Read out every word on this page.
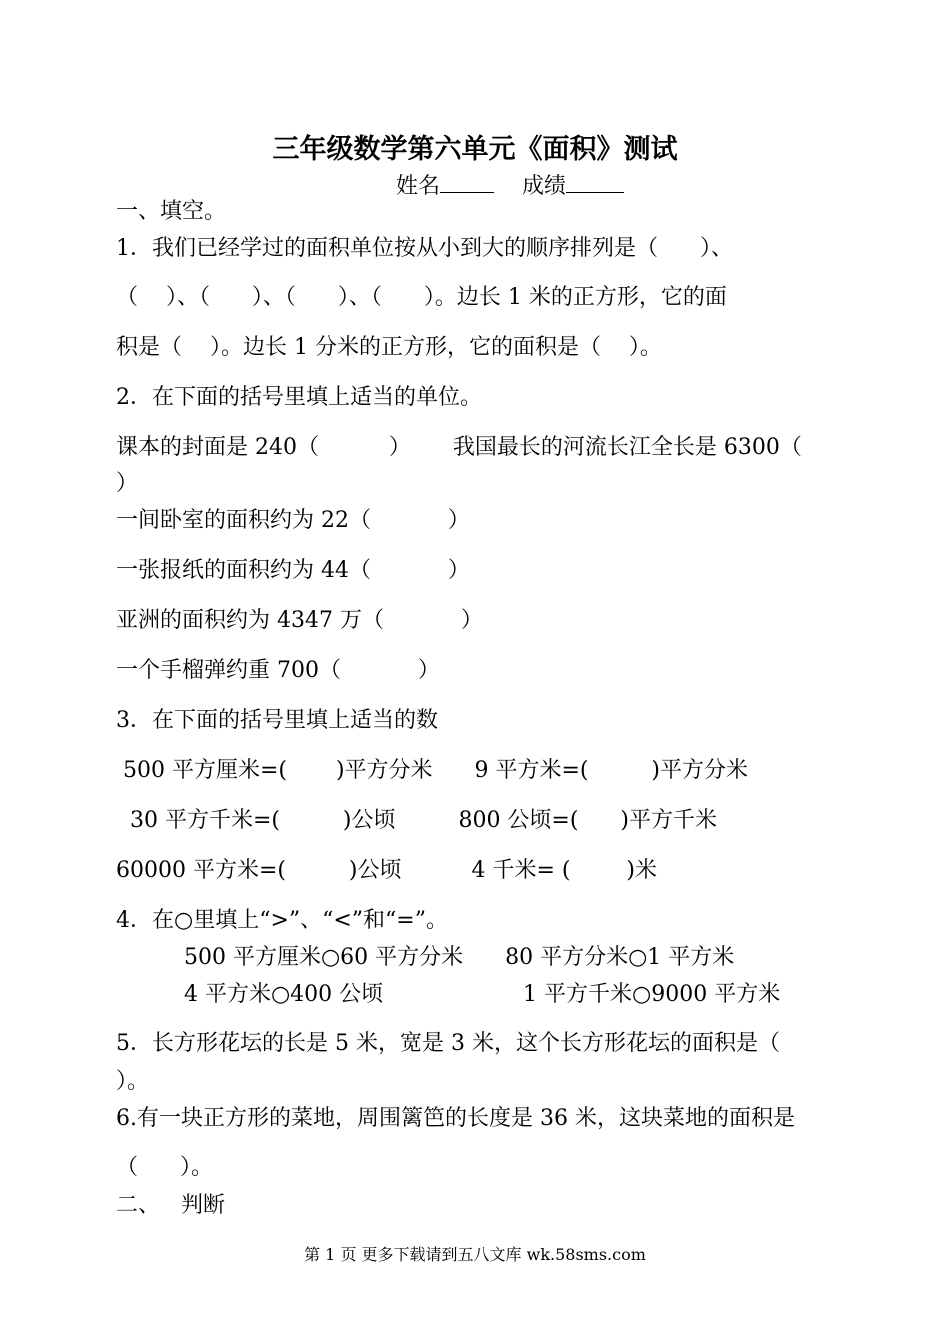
三年级数学第六单元《面积》测试
姓名	成绩
一、填空。
1．我们已经学过的面积单位按从小到大的顺序排列是（      ）、
（    ）、（      ）、（      ）、（      ）。边长 1 米的正方形，它的面
积是（    ）。边长 1 分米的正方形，它的面积是（    ）。
2．在下面的括号里填上适当的单位。
课本的封面是 240（          ）      我国最长的河流长江全长是 6300（
）
一间卧室的面积约为 22（           ）
一张报纸的面积约为 44（           ）
亚洲的面积约为 4347 万（           ）
一个手榴弹约重 700（           ）
3．在下面的括号里填上适当的数
500 平方厘米=(       )平方分米      9 平方米=(         )平方分米
30 平方千米=(         )公顷         800 公顷=(      )平方千米
60000 平方米=(         )公顷          4 千米= (        )米
4．在○里填上“>”、“<”和“=”。
500 平方厘米○60 平方分米      80 平方分米○1 平方米
4 平方米○400 公顷                    1 平方千米○9000 平方米
5．长方形花坛的长是 5 米，宽是 3 米，这个长方形花坛的面积是（
）。
6.有一块正方形的菜地，周围篱笆的长度是 36 米，这块菜地的面积是
（      ）。
二、   判断
第 1 页 更多下载请到五八文库 wk.58sms.com
